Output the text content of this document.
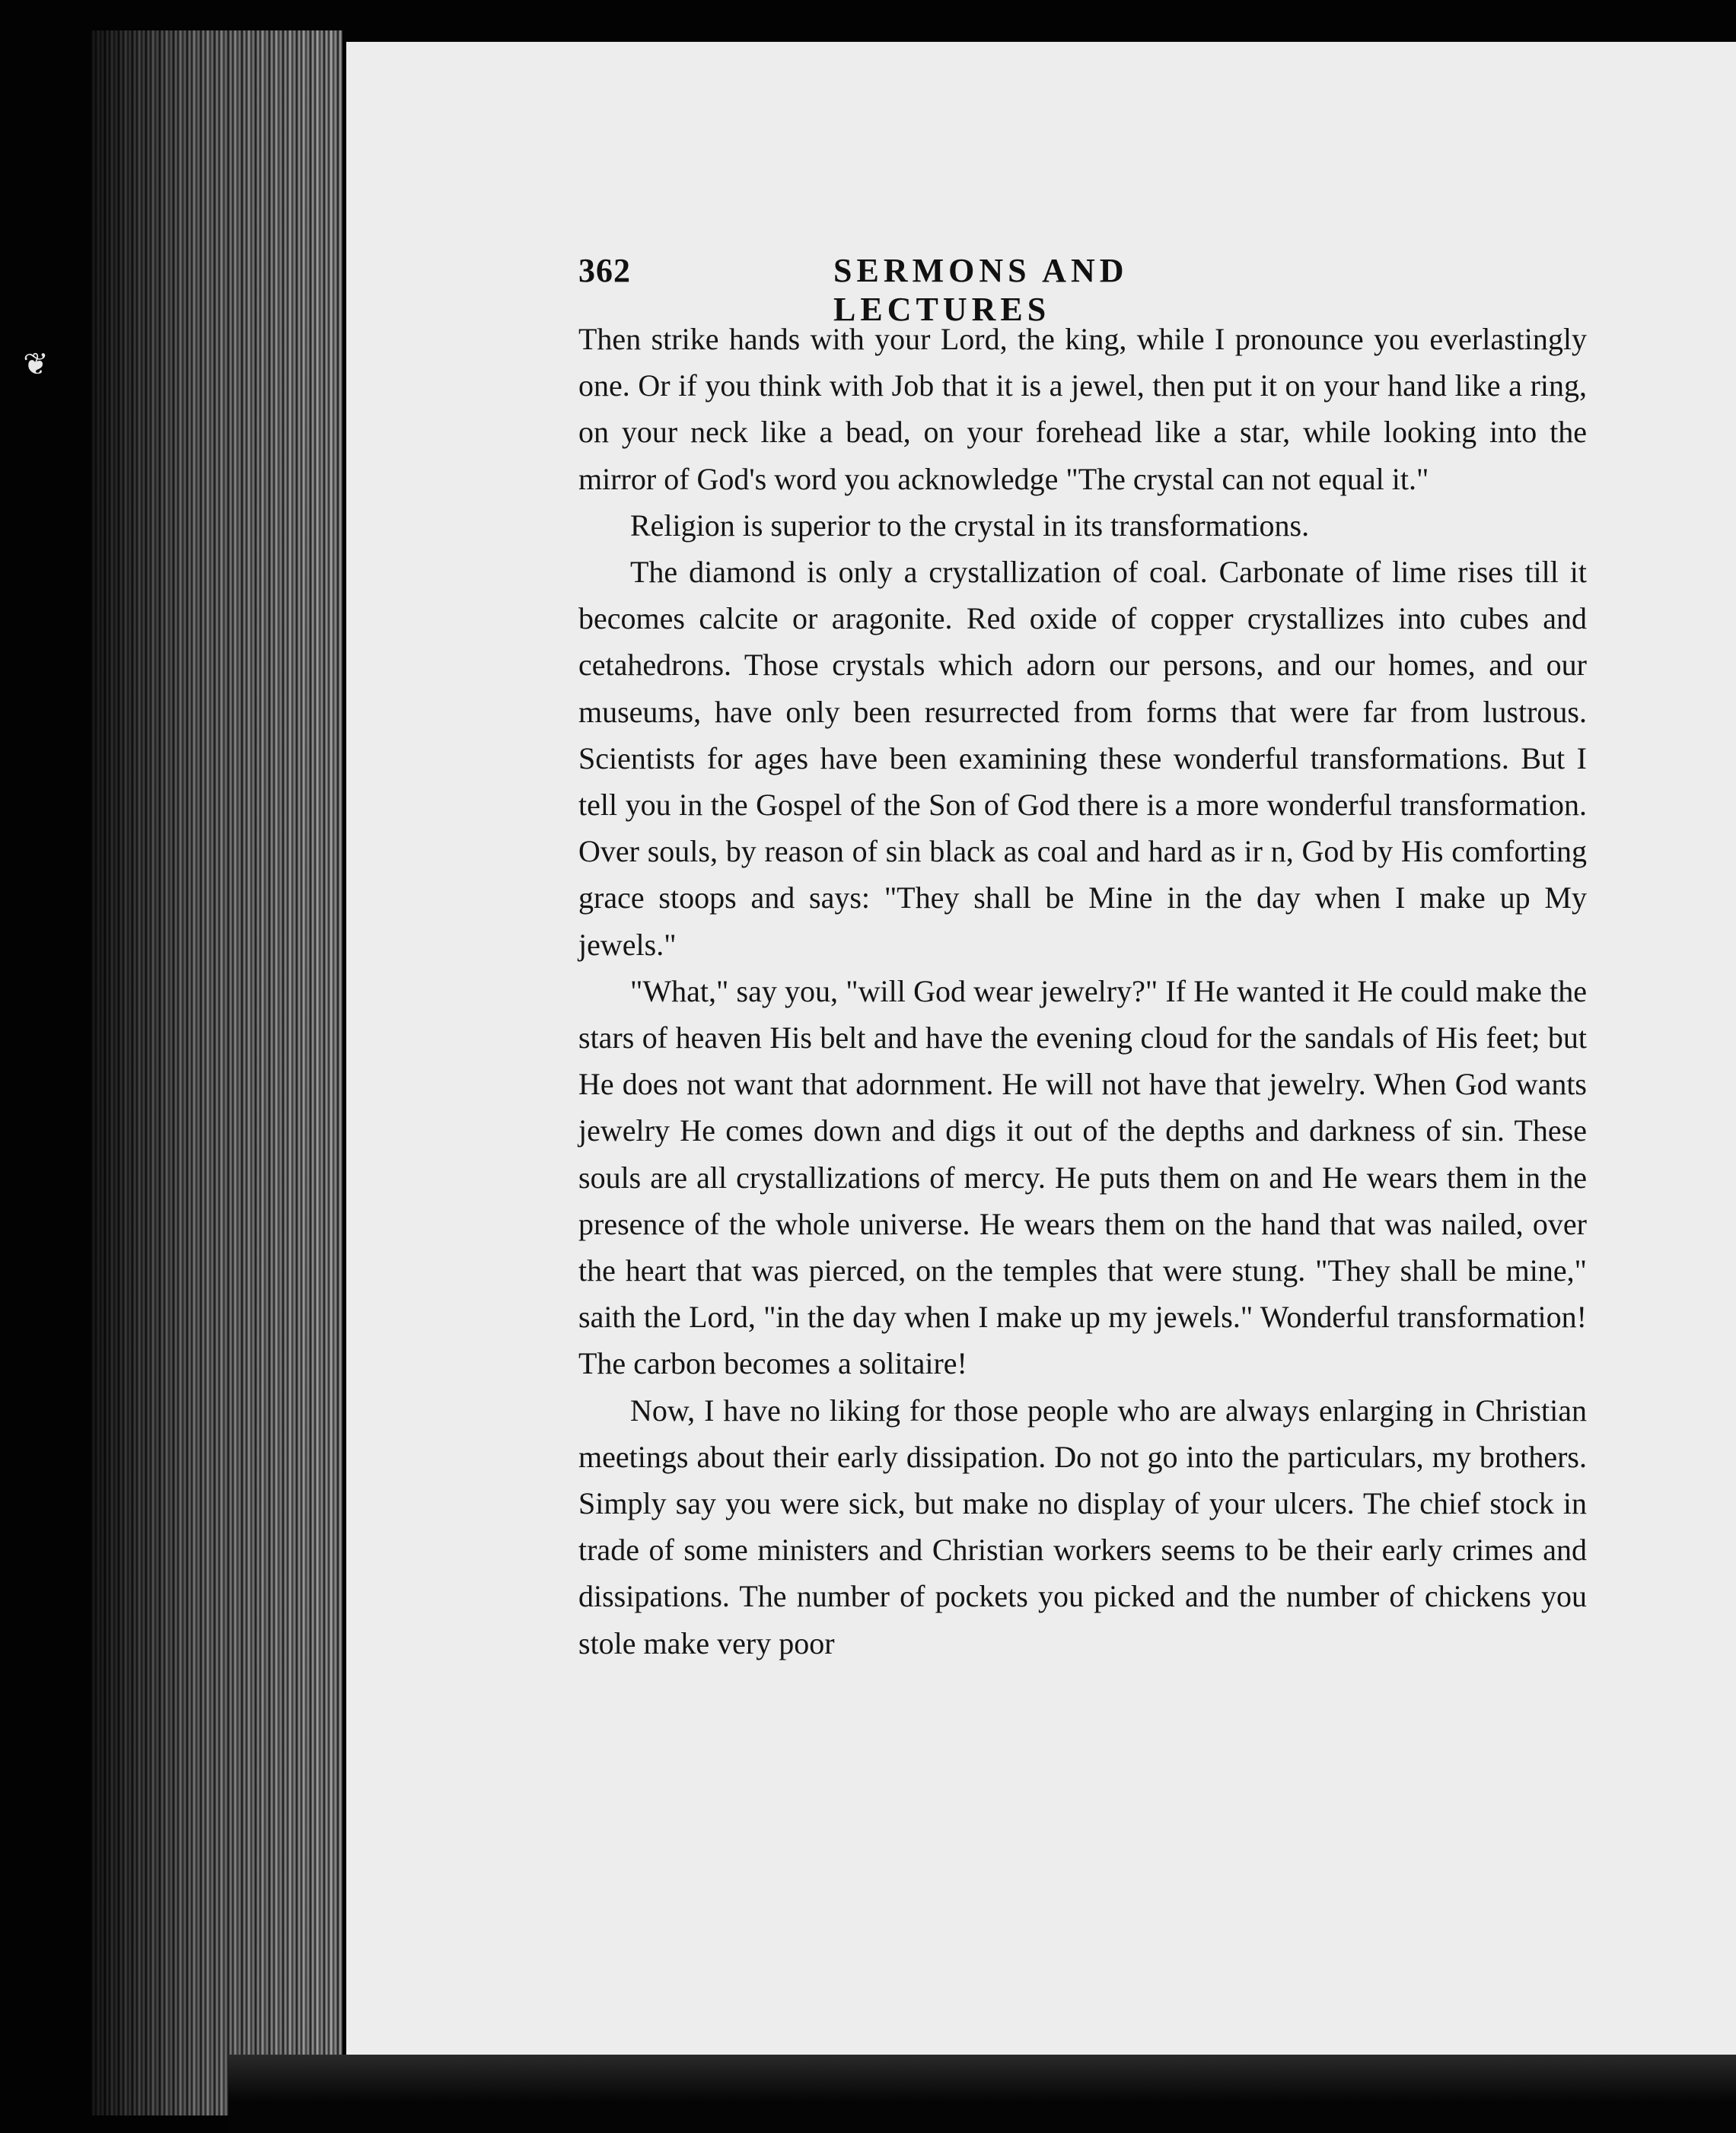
❦
362	SERMONS AND LECTURES

Then strike hands with your Lord, the king, while I pronounce you everlastingly one. Or if you think with Job that it is a jewel, then put it on your hand like a ring, on your neck like a bead, on your forehead like a star, while looking into the mirror of God's word you acknowledge "The crystal can not equal it."

Religion is superior to the crystal in its transformations.

The diamond is only a crystallization of coal. Carbonate of lime rises till it becomes calcite or aragonite. Red oxide of copper crystallizes into cubes and cetahedrons. Those crystals which adorn our persons, and our homes, and our museums, have only been resurrected from forms that were far from lustrous. Scientists for ages have been examining these wonderful transformations. But I tell you in the Gospel of the Son of God there is a more wonderful transformation. Over souls, by reason of sin black as coal and hard as ir n, God by His comforting grace stoops and says: "They shall be Mine in the day when I make up My jewels."

"What," say you, "will God wear jewelry?" If He wanted it He could make the stars of heaven His belt and have the evening cloud for the sandals of His feet; but He does not want that adornment. He will not have that jewelry. When God wants jewelry He comes down and digs it out of the depths and darkness of sin. These souls are all crystallizations of mercy. He puts them on and He wears them in the presence of the whole universe. He wears them on the hand that was nailed, over the heart that was pierced, on the temples that were stung. "They shall be mine," saith the Lord, "in the day when I make up my jewels." Wonderful transformation! The carbon becomes a solitaire!

Now, I have no liking for those people who are always enlarging in Christian meetings about their early dissipation. Do not go into the particulars, my brothers. Simply say you were sick, but make no display of your ulcers. The chief stock in trade of some ministers and Christian workers seems to be their early crimes and dissipations. The number of pockets you picked and the number of chickens you stole make very poor
